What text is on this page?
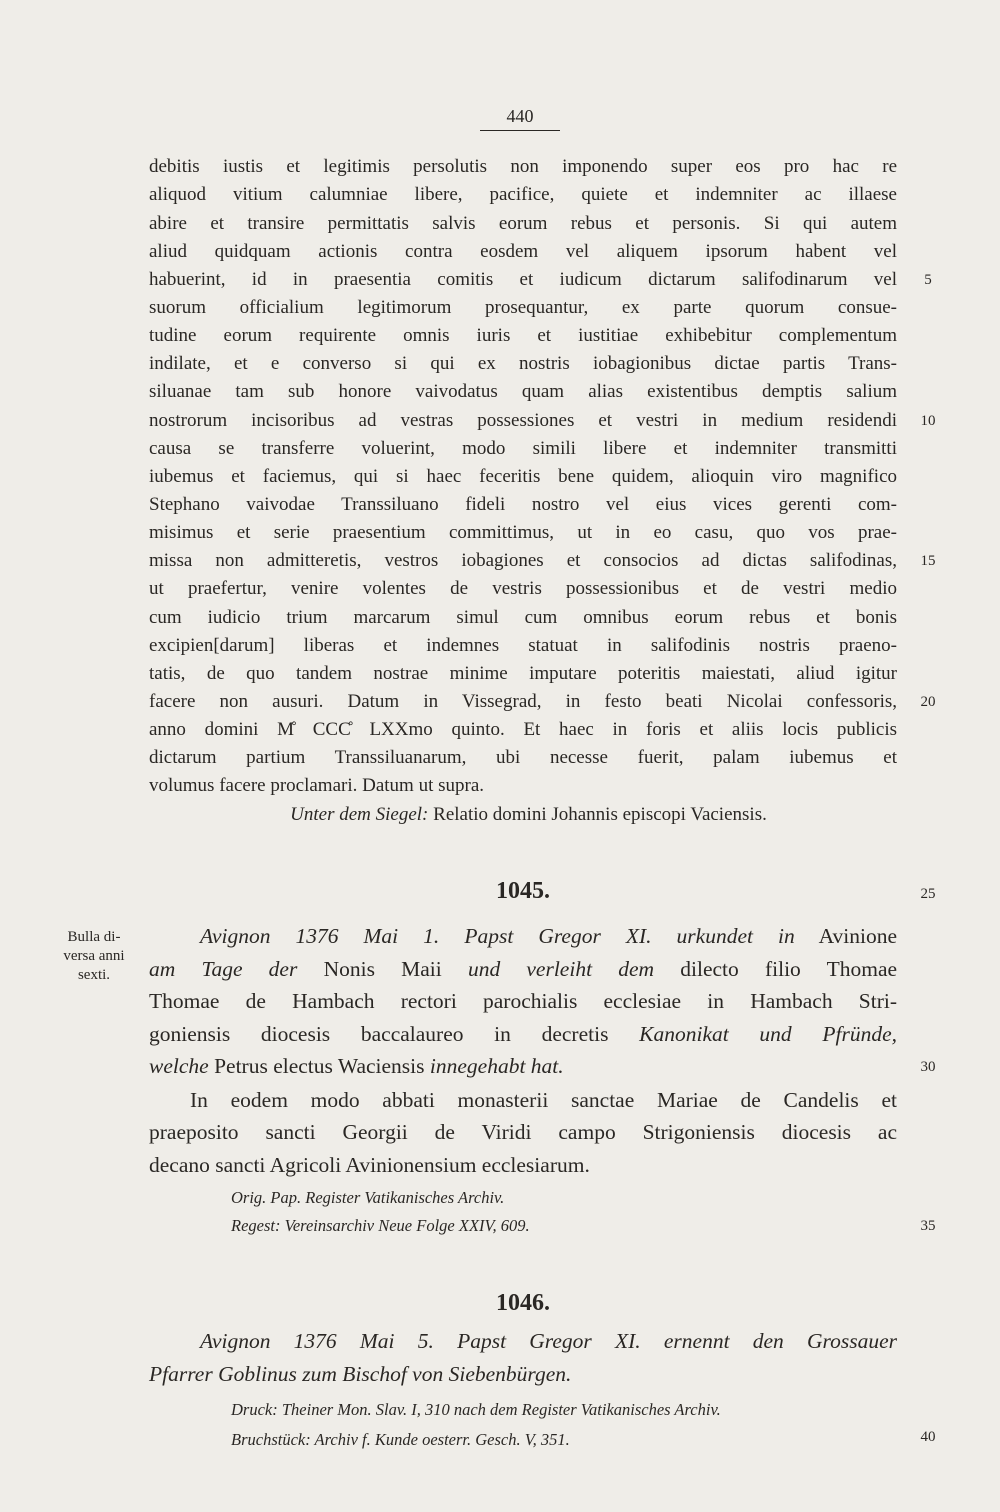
440
debitis iustis et legitimis persolutis non imponendo super eos pro hac re
aliquod vitium calumniae libere, pacifice, quiete et indemniter ac illaese
abire et transire permittatis salvis eorum rebus et personis. Si qui autem
aliud quidquam actionis contra eosdem vel aliquem ipsorum habent vel
habuerint, id in praesentia comitis et iudicum dictarum salifodinarum vel
suorum officialium legitimorum prosequantur, ex parte quorum consue-
tudine eorum requirente omnis iuris et iustitiae exhibebitur complementum
indilate, et e converso si qui ex nostris iobagionibus dictae partis Trans-
siluanae tam sub honore vaivodatus quam alias existentibus demptis salium
nostrorum incisoribus ad vestras possessiones et vestri in medium residendi
causa se transferre voluerint, modo simili libere et indemniter transmitti
iubemus et faciemus, qui si haec feceritis bene quidem, alioquin viro magnifico
Stephano vaivodae Transsiluano fideli nostro vel eius vices gerenti com-
misimus et serie praesentium committimus, ut in eo casu, quo vos prae-
missa non admitteretis, vestros iobagiones et consocios ad dictas salifodinas,
ut praefertur, venire volentes de vestris possessionibus et de vestri medio
cum iudicio trium marcarum simul cum omnibus eorum rebus et bonis
excipien[darum] liberas et indemnes statuat in salifodinis nostris praeno-
tatis, de quo tandem nostrae minime imputare poteritis maiestati, aliud igitur
facere non ausuri. Datum in Vissegrad, in festo beati Nicolai confessoris,
anno domini M̊ CCC̊ LXXmo quinto. Et haec in foris et aliis locis publicis
dictarum partium Transsiluanarum, ubi necesse fuerit, palam iubemus et
volumus facere proclamari. Datum ut supra.
Unter dem Siegel: Relatio domini Johannis episcopi Vaciensis.
5
10
15
20
25
30
35
40
1045.
Bulla di-
versa anni
sexti.
Avignon 1376 Mai 1. Papst Gregor XI. urkundet in Avinione
am Tage der Nonis Maii und verleiht dem dilecto filio Thomae
Thomae de Hambach rectori parochialis ecclesiae in Hambach Stri-
goniensis diocesis baccalaureo in decretis Kanonikat und Pfründe,
welche Petrus electus Waciensis innegehabt hat.
In eodem modo abbati monasterii sanctae Mariae de Candelis et
praeposito sancti Georgii de Viridi campo Strigoniensis diocesis ac
decano sancti Agricoli Avinionensium ecclesiarum.
Orig. Pap. Register Vatikanisches Archiv.
Regest: Vereinsarchiv Neue Folge XXIV, 609.
1046.
Avignon 1376 Mai 5. Papst Gregor XI. ernennt den Grossauer
Pfarrer Goblinus zum Bischof von Siebenbürgen.
Druck: Theiner Mon. Slav. I, 310 nach dem Register Vatikanisches Archiv.
Bruchstück: Archiv f. Kunde oesterr. Gesch. V, 351.
